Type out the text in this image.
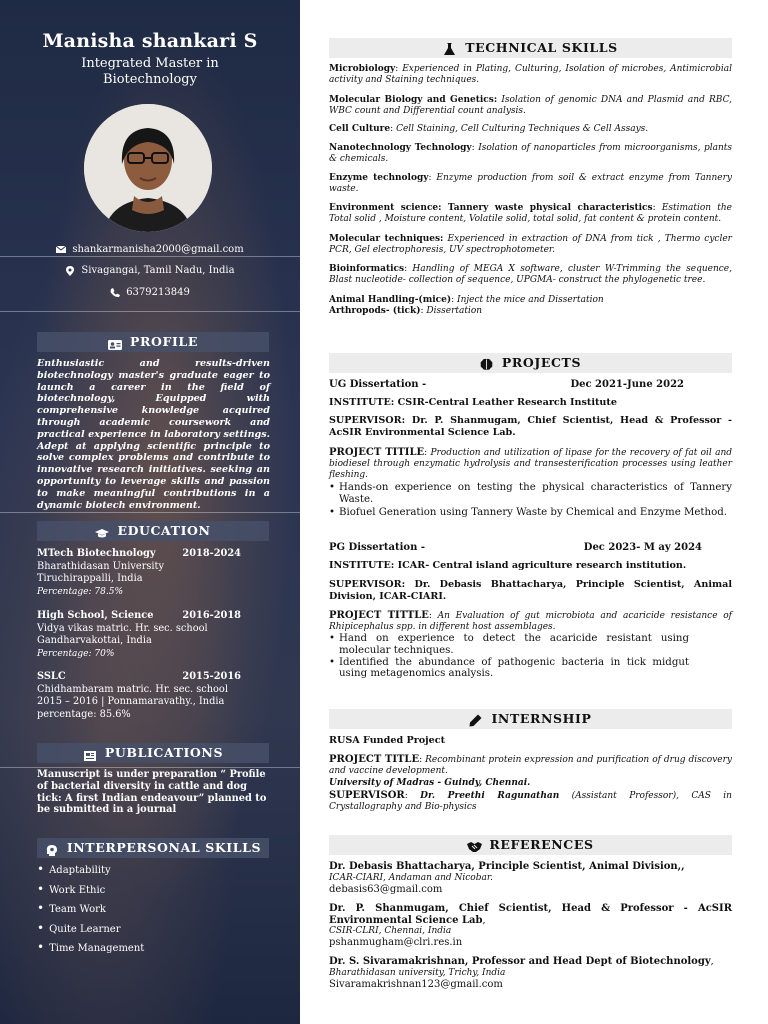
Manisha shankari S
Integrated Master in Biotechnology
shankarmanisha2000@gmail.com
Sivagangai, Tamil Nadu, India
6379213849
PROFILE
Enthusiastic and results-driven biotechnology master's graduate eager to launch a career in the field of biotechnology, Equipped with comprehensive knowledge acquired through academic coursework and practical experience in laboratory settings. Adept at applying scientific principle to solve complex problems and contribute to innovative research initiatives. seeking an opportunity to leverage skills and passion to make meaningful contributions in a dynamic biotech environment.
EDUCATION
MTech Biotechnology	2018-2024
Bharathidasan University
Tiruchirappalli, India
Percentage: 78.5%
High School, Science	2016-2018
Vidya vikas matric. Hr. sec. school
Gandharvakottai, India
Percentage: 70%
SSLC	2015-2016
Chidhambaram matric. Hr. sec. school
2015 – 2016 | Ponnamaravathy., India
percentage: 85.6%
PUBLICATIONS
Manuscript is under preparation “ Profile of bacterial diversity in cattle and dog tick: A first Indian endeavour” planned to be submitted in a journal
INTERPERSONAL SKILLS
• Adaptability
• Work Ethic
• Team Work
• Quite Learner
• Time Management
TECHNICAL SKILLS
Microbiology: Experienced in Plating, Culturing, Isolation of microbes, Antimicrobial activity and Staining techniques.
Molecular Biology and Genetics: Isolation of genomic DNA and Plasmid and RBC, WBC count and Differential count analysis.
Cell Culture: Cell Staining, Cell Culturing Techniques & Cell Assays.
Nanotechnology Technology: Isolation of nanoparticles from microorganisms, plants & chemicals.
Enzyme technology: Enzyme production from soil & extract enzyme from Tannery waste.
Environment science: Tannery waste physical characteristics: Estimation the Total solid , Moisture content, Volatile solid, total solid, fat content & protein content.
Molecular techniques: Experienced in extraction of DNA from tick , Thermo cycler PCR, Gel electrophoresis, UV spectrophotometer.
Bioinformatics: Handling of MEGA X software, cluster W-Trimming the sequence, Blast nucleotide- collection of sequence, UPGMA- construct the phylogenetic tree.
Animal Handling-(mice): Inject the mice and Dissertation
Arthropods- (tick): Dissertation
PROJECTS
UG Dissertation -	Dec 2021-June 2022
INSTITUTE: CSIR-Central Leather Research Institute
SUPERVISOR: Dr. P. Shanmugam, Chief Scientist, Head & Professor - AcSIR Environmental Science Lab.
PROJECT TITILE: Production and utilization of lipase for the recovery of fat oil and biodiesel through enzymatic hydrolysis and transesterification processes using leather fleshing.
• Hands-on experience on testing the physical characteristics of Tannery Waste.
• Biofuel Generation using Tannery Waste by Chemical and Enzyme Method.
PG Dissertation -	Dec 2023- M ay 2024
INSTITUTE: ICAR- Central island agriculture research institution.
SUPERVISOR: Dr. Debasis Bhattacharya, Principle Scientist, Animal Division, ICAR-CIARI.
PROJECT TITTLE: An Evaluation of gut microbiota and acaricide resistance of Rhipicephalus spp. in different host assemblages.
• Hand on experience to detect the acaricide resistant using molecular techniques.
• Identified the abundance of pathogenic bacteria in tick midgut using metagenomics analysis.
INTERNSHIP
RUSA Funded Project
PROJECT TITLE: Recombinant protein expression and purification of drug discovery and vaccine development.
University of Madras - Guindy, Chennai.
SUPERVISOR: Dr. Preethi Ragunathan (Assistant Professor), CAS in Crystallography and Bio-physics
REFERENCES
Dr. Debasis Bhattacharya, Principle Scientist, Animal Division,,
ICAR-CIARI, Andaman and Nicobar.
debasis63@gmail.com
Dr. P. Shanmugam, Chief Scientist, Head & Professor - AcSIR Environmental Science Lab,
CSIR-CLRI, Chennai, India
pshanmugham@clri.res.in
Dr. S. Sivaramakrishnan, Professor and Head Dept of Biotechnology,
Bharathidasan university, Trichy, India
Sivaramakrishnan123@gmail.com
